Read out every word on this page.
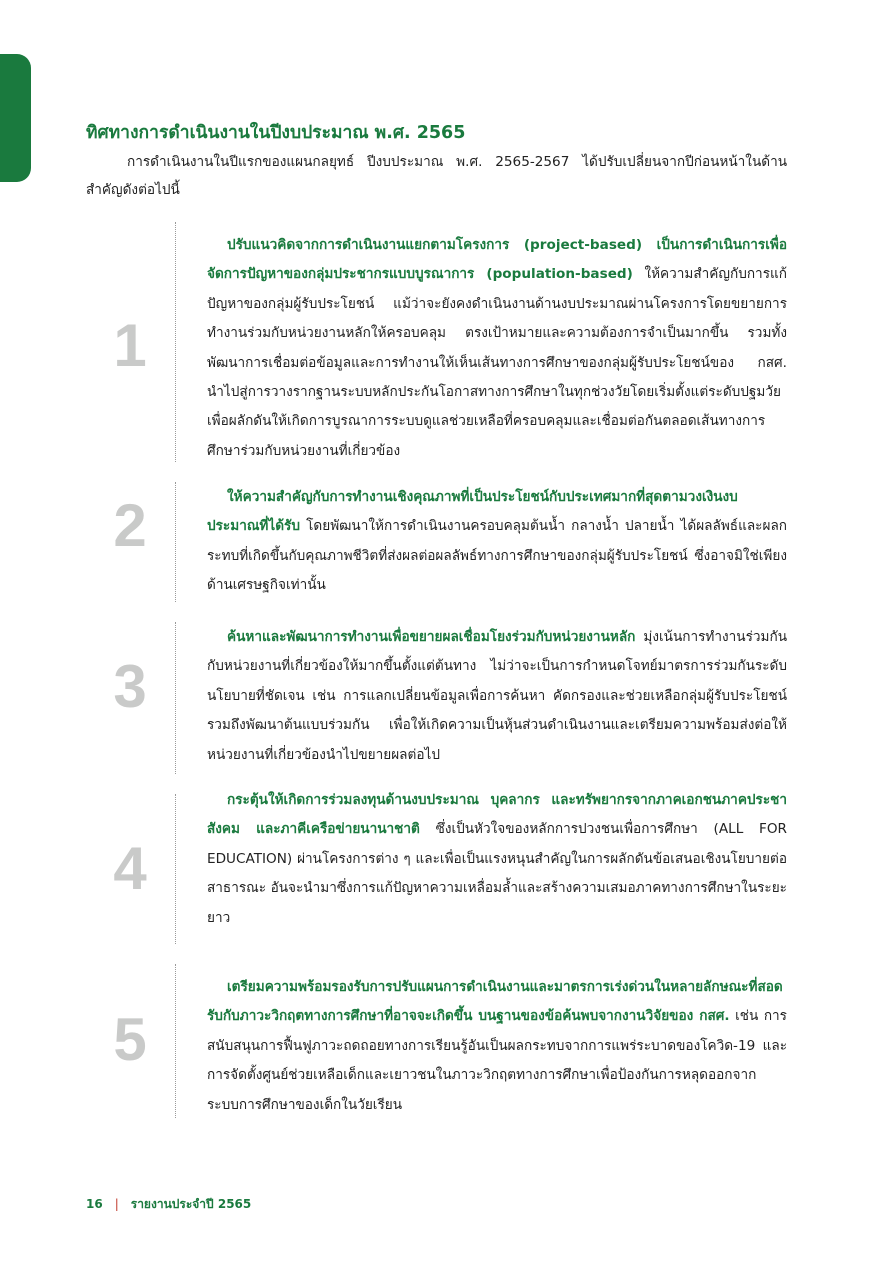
ทิศทางการดำเนินงานในปีงบประมาณ พ.ศ. 2565

การดำเนินงานในปีแรกของแผนกลยุทธ์ ปีงบประมาณ พ.ศ. 2565-2567 ได้ปรับเปลี่ยนจากปีก่อนหน้าในด้านสำคัญดังต่อไปนี้

1

ปรับแนวคิดจากการดำเนินงานแยกตามโครงการ (project-based) เป็นการดำเนินการเพื่อจัดการปัญหาของกลุ่มประชากรแบบบูรณาการ (population-based) ให้ความสำคัญกับการแก้ปัญหาของกลุ่มผู้รับประโยชน์ แม้ว่าจะยังคงดำเนินงานด้านงบประมาณผ่านโครงการโดยขยายการทำงานร่วมกับหน่วยงานหลักให้ครอบคลุม ตรงเป้าหมายและความต้องการจำเป็นมากขึ้น รวมทั้งพัฒนาการเชื่อมต่อข้อมูลและการทำงานให้เห็นเส้นทางการศึกษาของกลุ่มผู้รับประโยชน์ของ กสศ. นำไปสู่การวางรากฐานระบบหลักประกันโอกาสทางการศึกษาในทุกช่วงวัยโดยเริ่มตั้งแต่ระดับปฐมวัย เพื่อผลักดันให้เกิดการบูรณาการระบบดูแลช่วยเหลือที่ครอบคลุมและเชื่อมต่อกันตลอดเส้นทางการศึกษาร่วมกับหน่วยงานที่เกี่ยวข้อง

2	ให้ความสำคัญกับการทำงานเชิงคุณภาพที่เป็นประโยชน์กับประเทศมากที่สุดตามวงเงินงบประมาณที่ได้รับ โดยพัฒนาให้การดำเนินงานครอบคลุมต้นน้ำ กลางน้ำ ปลายน้ำ ได้ผลลัพธ์และผลกระทบที่เกิดขึ้นกับคุณภาพชีวิตที่ส่งผลต่อผลลัพธ์ทางการศึกษาของกลุ่มผู้รับประโยชน์ ซึ่งอาจมิใช่เพียงด้านเศรษฐกิจเท่านั้น

3

ค้นหาและพัฒนาการทำงานเพื่อขยายผลเชื่อมโยงร่วมกับหน่วยงานหลัก มุ่งเน้นการทำงานร่วมกันกับหน่วยงานที่เกี่ยวข้องให้มากขึ้นตั้งแต่ต้นทาง ไม่ว่าจะเป็นการกำหนดโจทย์มาตรการร่วมกันระดับนโยบายที่ชัดเจน เช่น การแลกเปลี่ยนข้อมูลเพื่อการค้นหา คัดกรองและช่วยเหลือกลุ่มผู้รับประโยชน์ รวมถึงพัฒนาต้นแบบร่วมกัน เพื่อให้เกิดความเป็นหุ้นส่วนดำเนินงานและเตรียมความพร้อมส่งต่อให้หน่วยงานที่เกี่ยวข้องนำไปขยายผลต่อไป

4

กระตุ้นให้เกิดการร่วมลงทุนด้านงบประมาณ บุคลากร และทรัพยากรจากภาคเอกชนภาคประชาสังคม และภาคีเครือข่ายนานาชาติ ซึ่งเป็นหัวใจของหลักการปวงชนเพื่อการศึกษา (ALL FOR EDUCATION) ผ่านโครงการต่าง ๆ และเพื่อเป็นแรงหนุนสำคัญในการผลักดันข้อเสนอเชิงนโยบายต่อสาธารณะ อันจะนำมาซึ่งการแก้ปัญหาความเหลื่อมล้ำและสร้างความเสมอภาคทางการศึกษาในระยะยาว

5

เตรียมความพร้อมรองรับการปรับแผนการดำเนินงานและมาตรการเร่งด่วนในหลายลักษณะที่สอดรับกับภาวะวิกฤตทางการศึกษาที่อาจจะเกิดขึ้น บนฐานของข้อค้นพบจากงานวิจัยของ กสศ. เช่น การสนับสนุนการฟื้นฟูภาวะถดถอยทางการเรียนรู้อันเป็นผลกระทบจากการแพร่ระบาดของโควิด-19 และการจัดตั้งศูนย์ช่วยเหลือเด็กและเยาวชนในภาวะวิกฤตทางการศึกษาเพื่อป้องกันการหลุดออกจากระบบการศึกษาของเด็กในวัยเรียน

16 | รายงานประจำปี 2565
